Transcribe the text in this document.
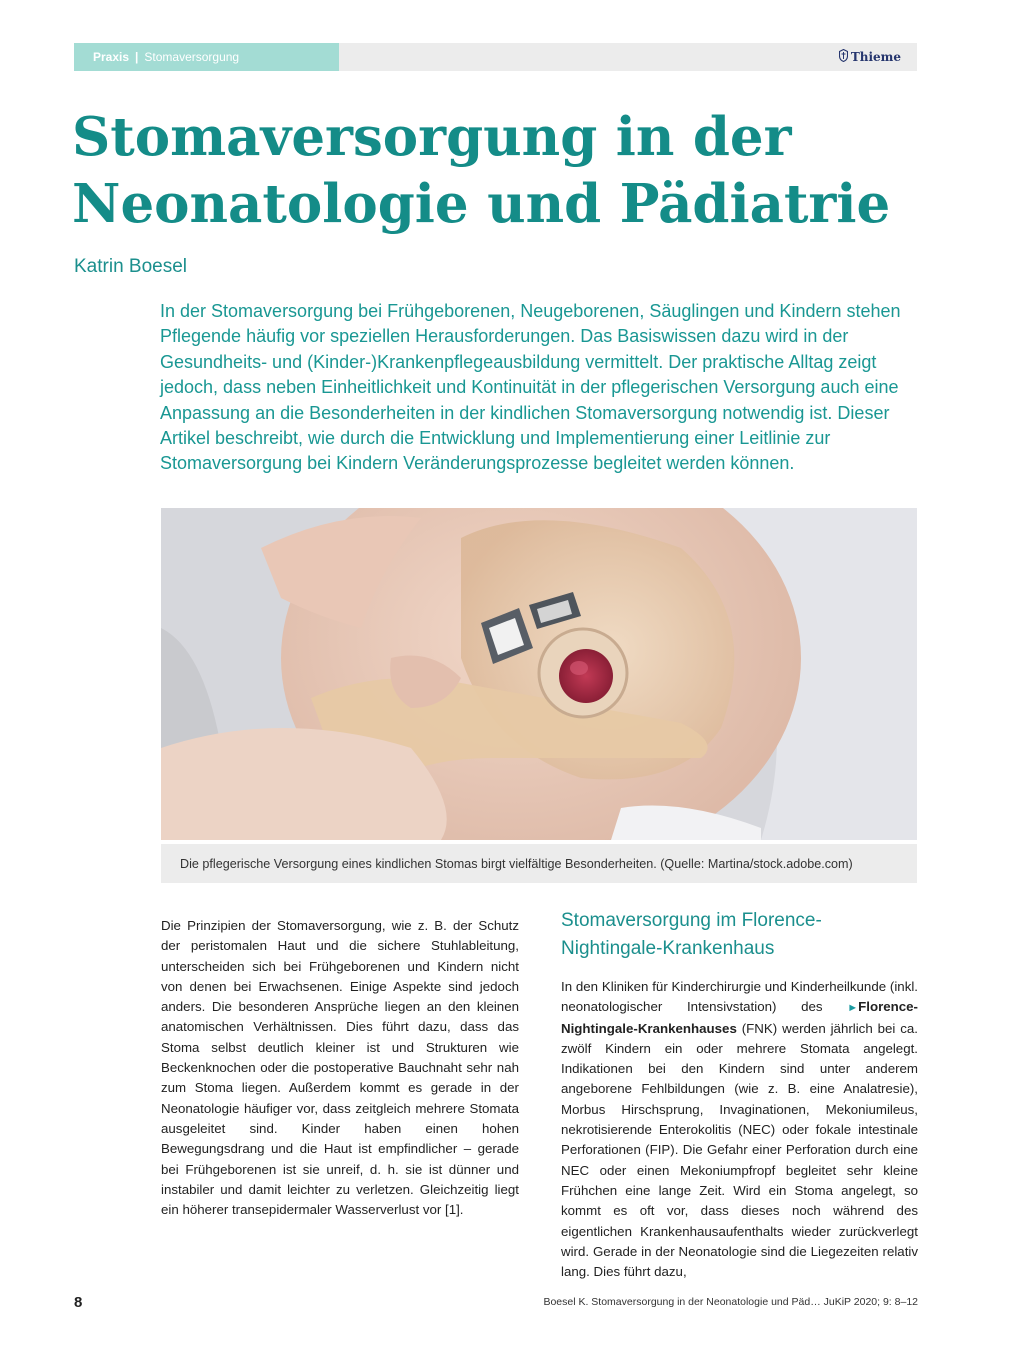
Praxis | Stomaversorgung	Thieme
Stomaversorgung in der Neonatologie und Pädiatrie
Katrin Boesel

In der Stomaversorgung bei Frühgeborenen, Neugeborenen, Säuglingen und Kindern stehen Pflegende häufig vor speziellen Herausforderungen. Das Basiswissen dazu wird in der Gesundheits- und (Kinder-)Krankenpflegeausbildung vermittelt. Der praktische Alltag zeigt jedoch, dass neben Einheitlichkeit und Kontinuität in der pflegerischen Versorgung auch eine Anpassung an die Besonderheiten in der kindlichen Stomaversorgung notwendig ist. Dieser Artikel beschreibt, wie durch die Entwicklung und Implementierung einer Leitlinie zur Stomaversorgung bei Kindern Veränderungsprozesse begleitet werden können.

Die pflegerische Versorgung eines kindlichen Stomas birgt vielfältige Besonderheiten. (Quelle: Martina/stock.adobe.com)

Die Prinzipien der Stomaversorgung, wie z. B. der Schutz der peristomalen Haut und die sichere Stuhlableitung, unterscheiden sich bei Frühgeborenen und Kindern nicht von denen bei Erwachsenen. Einige Aspekte sind jedoch anders. Die besonderen Ansprüche liegen an den kleinen anatomischen Verhältnissen. Dies führt dazu, dass das Stoma selbst deutlich kleiner ist und Strukturen wie Beckenknochen oder die postoperative Bauchnaht sehr nah zum Stoma liegen. Außerdem kommt es gerade in der Neonatologie häufiger vor, dass zeitgleich mehrere Stomata ausgeleitet sind. Kinder haben einen hohen Bewegungsdrang und die Haut ist empfindlicher – gerade bei Frühgeborenen ist sie unreif, d. h. sie ist dünner und instabiler und damit leichter zu verletzen. Gleichzeitig liegt ein höherer transepidermaler Wasserverlust vor [1].

Stomaversorgung im Florence-Nightingale-Krankenhaus

In den Kliniken für Kinderchirurgie und Kinderheilkunde (inkl. neonatologischer Intensivstation) des ►Florence-Nightingale-Krankenhauses (FNK) werden jährlich bei ca. zwölf Kindern ein oder mehrere Stomata angelegt. Indikationen bei den Kindern sind unter anderem angeborene Fehlbildungen (wie z. B. eine Analatresie), Morbus Hirschsprung, Invaginationen, Mekoniumileus, nekrotisierende Enterokolitis (NEC) oder fokale intestinale Perforationen (FIP). Die Gefahr einer Perforation durch eine NEC oder einen Mekoniumpfropf begleitet sehr kleine Frühchen eine lange Zeit. Wird ein Stoma angelegt, so kommt es oft vor, dass dieses noch während des eigentlichen Krankenhausaufenthalts wieder zurückverlegt wird. Gerade in der Neonatologie sind die Liegezeiten relativ lang. Dies führt dazu,

8	Boesel K. Stomaversorgung in der Neonatologie und Päd… JuKiP 2020; 9: 8–12
